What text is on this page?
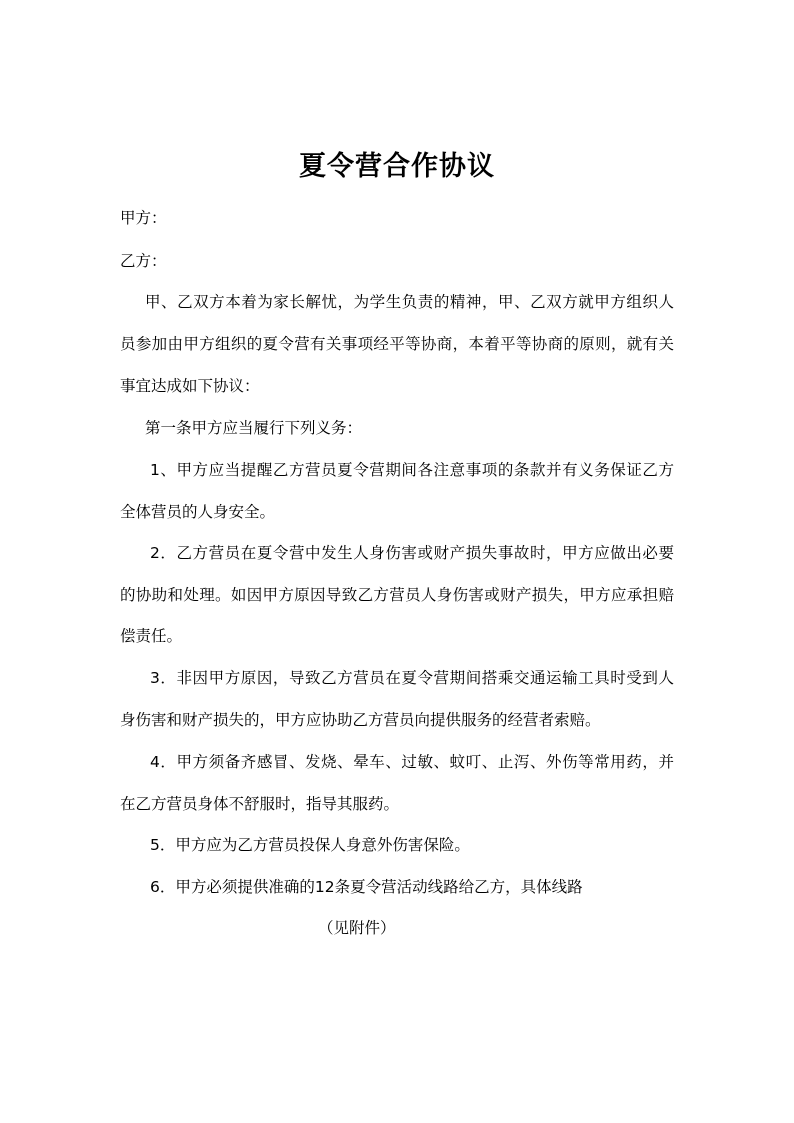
夏令营合作协议
甲方：
乙方：
甲、乙双方本着为家长解忧，为学生负责的精神，甲、乙双方就甲方组织人
员参加由甲方组织的夏令营有关事项经平等协商，本着平等协商的原则，就有关
事宜达成如下协议：
第一条甲方应当履行下列义务：
1、甲方应当提醒乙方营员夏令营期间各注意事项的条款并有义务保证乙方
全体营员的人身安全。
2．乙方营员在夏令营中发生人身伤害或财产损失事故时，甲方应做出必要
的协助和处理。如因甲方原因导致乙方营员人身伤害或财产损失，甲方应承担赔
偿责任。
3．非因甲方原因，导致乙方营员在夏令营期间搭乘交通运输工具时受到人
身伤害和财产损失的，甲方应协助乙方营员向提供服务的经营者索赔。
4．甲方须备齐感冒、发烧、晕车、过敏、蚊叮、止泻、外伤等常用药，并
在乙方营员身体不舒服时，指导其服药。
5．甲方应为乙方营员投保人身意外伤害保险。
6．甲方必须提供准确的12条夏令营活动线路给乙方，具体线路
（见附件）
